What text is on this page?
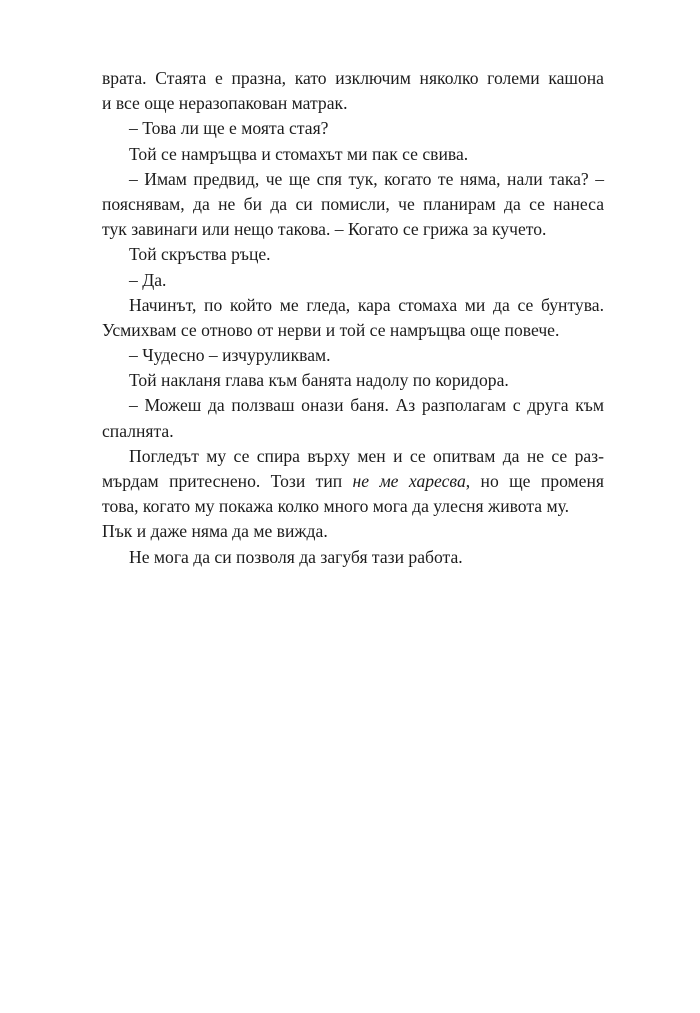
врата. Стаята е празна, като изключим няколко големи кашона
и все още неразопакован матрак.
– Това ли ще е моята стая?
Той се намръщва и стомахът ми пак се свива.
– Имам предвид, че ще спя тук, когато те няма, нали така? –
пояснявам, да не би да си помисли, че планирам да се нанеса
тук завинаги или нещо такова. – Когато се грижа за кучето.
Той скръства ръце.
– Да.
Начинът, по който ме гледа, кара стомаха ми да се бунтува.
Усмихвам се отново от нерви и той се намръщва още повече.
– Чудесно – изчуруликвам.
Той накланя глава към банята надолу по коридора.
– Можеш да ползваш онази баня. Аз разполагам с друга към
спалнята.
Погледът му се спира върху мен и се опитвам да не се раз-
мърдам притеснено. Този тип не ме харесва, но ще променя
това, когато му покажа колко много мога да улесня живота му.
Пък и даже няма да ме вижда.
Не мога да си позволя да загубя тази работа.
